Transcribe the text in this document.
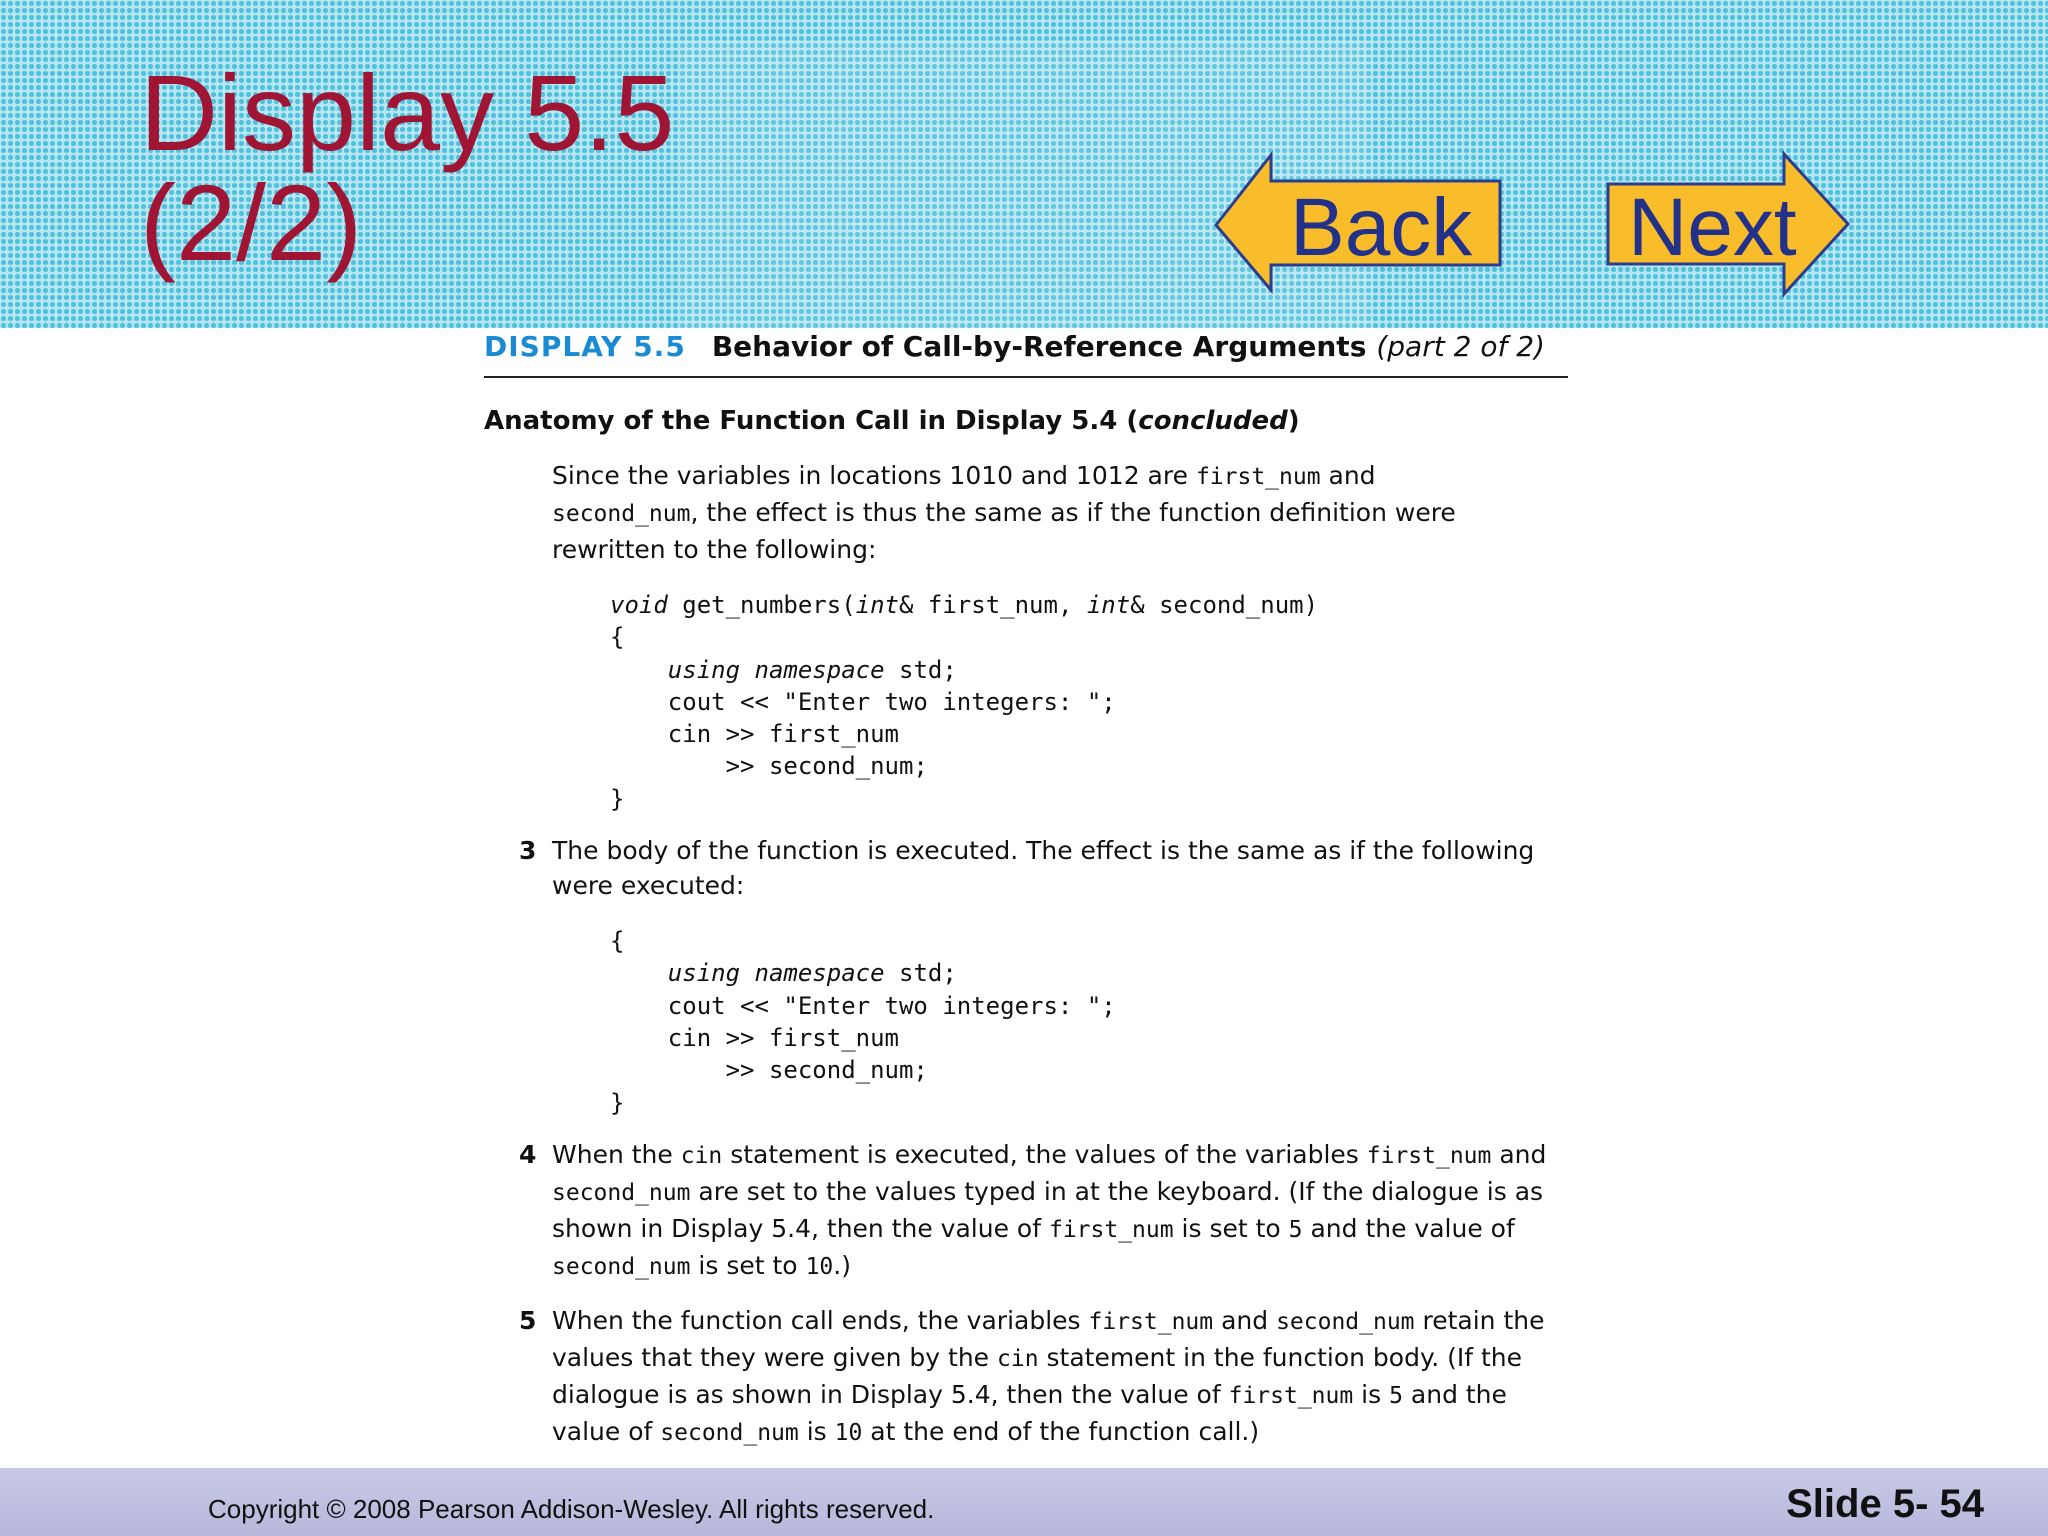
Display 5.5
(2/2)	Back Next
DISPLAY 5.5 Behavior of Call-by-Reference Arguments (part 2 of 2)
Anatomy of the Function Call in Display 5.4 (concluded)
Since the variables in locations 1010 and 1012 are first_num and
second_num, the effect is thus the same as if the function definition were rewritten to the following:
void get_numbers(int& first_num, int& second_num)
{
using namespace std;
cout << "Enter two integers: ";
cin >> first_num
>> second_num;
}
3 The body of the function is executed. The effect is the same as if the following were executed:
{
using namespace std;
cout << "Enter two integers: ";
cin >> first_num
>> second_num;
}
4 When the cin statement is executed, the values of the variables first_num and second_num are set to the values typed in at the keyboard. (If the dialogue is as shown in Display 5.4, then the value of first_num is set to 5 and the value of second_num is set to 10.)
5 When the function call ends, the variables first_num and second_num retain the values that they were given by the cin statement in the function body. (If the dialogue is as shown in Display 5.4, then the value of first_num is 5 and the value of second_num is 10 at the end of the function call.)
Copyright © 2008 Pearson Addison-Wesley. All rights reserved.	Slide 5- 54
